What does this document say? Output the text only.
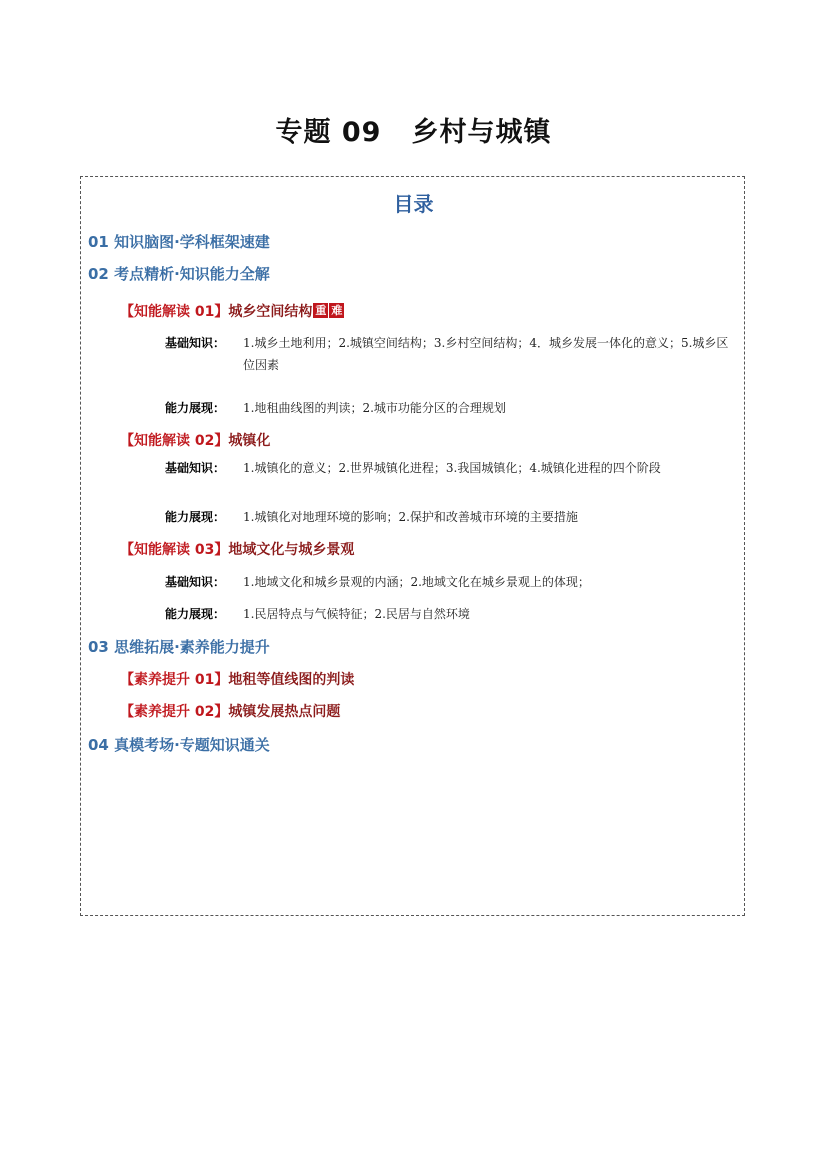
专题 09 乡村与城镇
目录
01 知识脑图·学科框架速建
02 考点精析·知识能力全解
【知能解读 01】城乡空间结构 重 难
基础知识： 1.城乡土地利用；2.城镇空间结构；3.乡村空间结构；4．城乡发展一体化的意义；5.城乡区位因素
能力展现： 1.地租曲线图的判读；2.城市功能分区的合理规划
【知能解读 02】城镇化
基础知识： 1.城镇化的意义；2.世界城镇化进程；3.我国城镇化；4.城镇化进程的四个阶段
能力展现： 1.城镇化对地理环境的影响；2.保护和改善城市环境的主要措施
【知能解读 03】地域文化与城乡景观
基础知识： 1.地域文化和城乡景观的内涵；2.地域文化在城乡景观上的体现；
能力展现： 1.民居特点与气候特征；2.民居与自然环境
03 思维拓展·素养能力提升
【素养提升 01】地租等值线图的判读
【素养提升 02】城镇发展热点问题
04 真模考场·专题知识通关
